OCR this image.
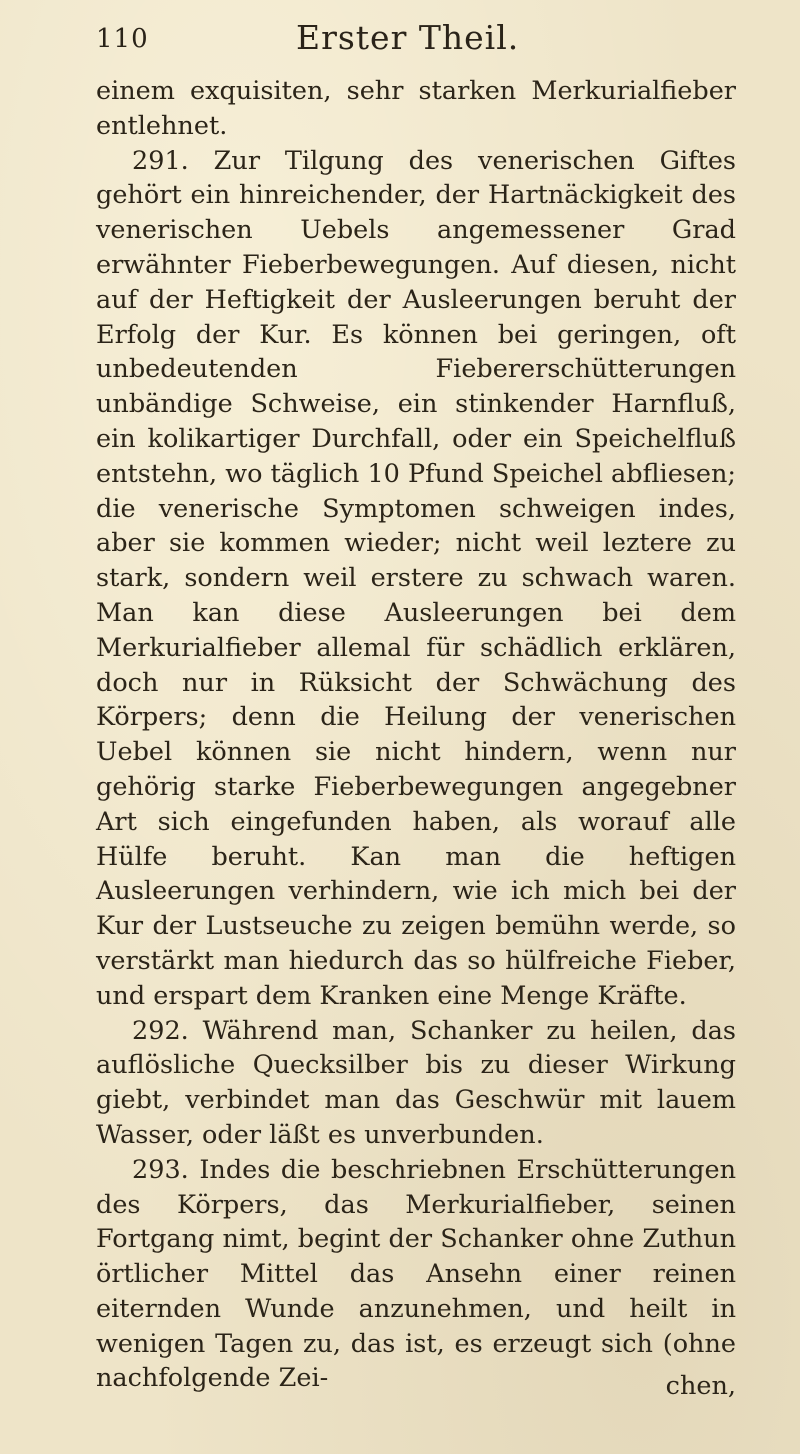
110	Erster Theil.

einem exquisiten, sehr starken Merkurialfieber entlehnet.

291. Zur Tilgung des venerischen Giftes gehört ein hinreichender, der Hartnäckigkeit des venerischen Uebels angemessener Grad erwähnter Fieberbewegungen. Auf diesen, nicht auf der Heftigkeit der Ausleerungen beruht der Erfolg der Kur. Es können bei geringen, oft unbedeutenden Fiebererschütterungen unbändige Schweise, ein stinkender Harnfluß, ein kolikartiger Durchfall, oder ein Speichelfluß entstehn, wo täglich 10 Pfund Speichel abfliesen; die venerische Symptomen schweigen indes, aber sie kommen wieder; nicht weil leztere zu stark, sondern weil erstere zu schwach waren. Man kan diese Ausleerungen bei dem Merkurialfieber allemal für schädlich erklären, doch nur in Rüksicht der Schwächung des Körpers; denn die Heilung der venerischen Uebel können sie nicht hindern, wenn nur gehörig starke Fieberbewegungen angegebner Art sich eingefunden haben, als worauf alle Hülfe beruht. Kan man die heftigen Ausleerungen verhindern, wie ich mich bei der Kur der Lustseuche zu zeigen bemühn werde, so verstärkt man hiedurch das so hülfreiche Fieber, und erspart dem Kranken eine Menge Kräfte.

292. Während man, Schanker zu heilen, das auflösliche Quecksilber bis zu dieser Wirkung giebt, verbindet man das Geschwür mit lauem Wasser, oder läßt es unverbunden.

293. Indes die beschriebnen Erschütterungen des Körpers, das Merkurialfieber, seinen Fortgang nimt, begint der Schanker ohne Zuthun örtlicher Mittel das Ansehn einer reinen eiternden Wunde anzunehmen, und heilt in wenigen Tagen zu, das ist, es erzeugt sich (ohne nachfolgende Zei-	chen,
